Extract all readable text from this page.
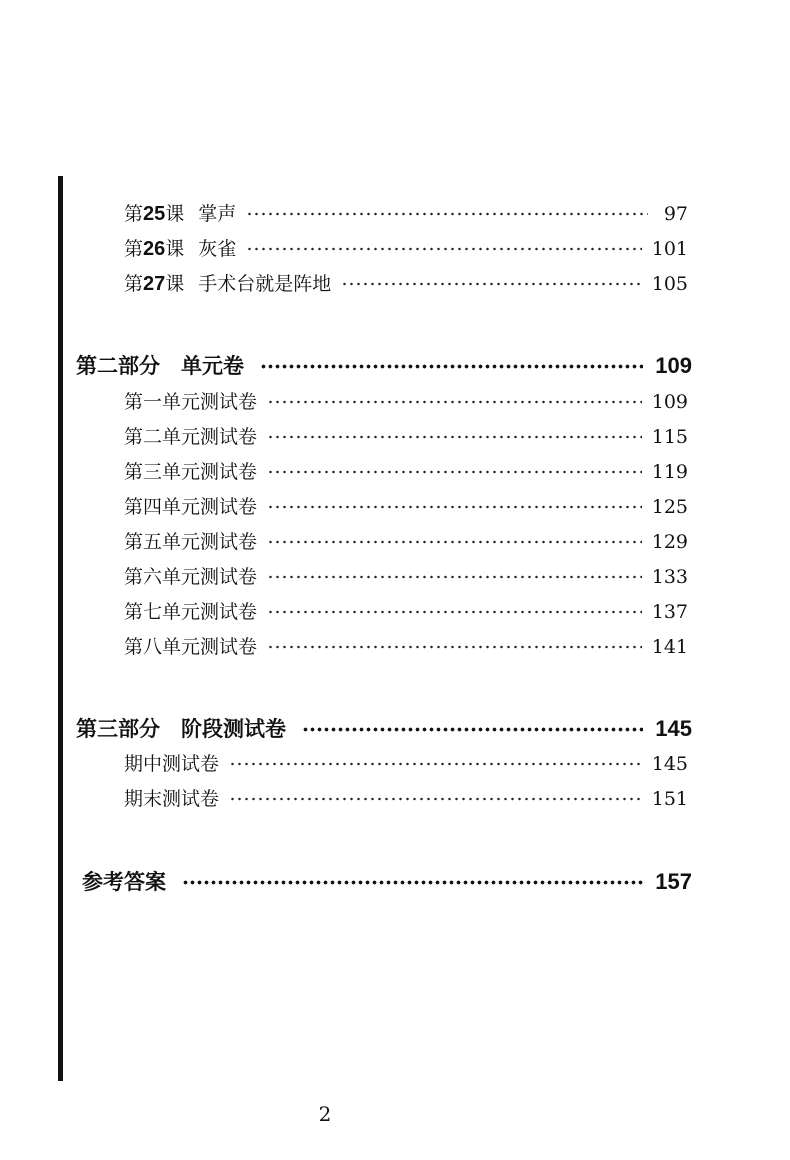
第25课 掌声	97
第26课 灰雀	101
第27课 手术台就是阵地	105
第二部分　单元卷	109
第一单元测试卷	109
第二单元测试卷	115
第三单元测试卷	119
第四单元测试卷	125
第五单元测试卷	129
第六单元测试卷	133
第七单元测试卷	137
第八单元测试卷	141
第三部分　阶段测试卷	145
期中测试卷	145
期末测试卷	151
参考答案	157
2
